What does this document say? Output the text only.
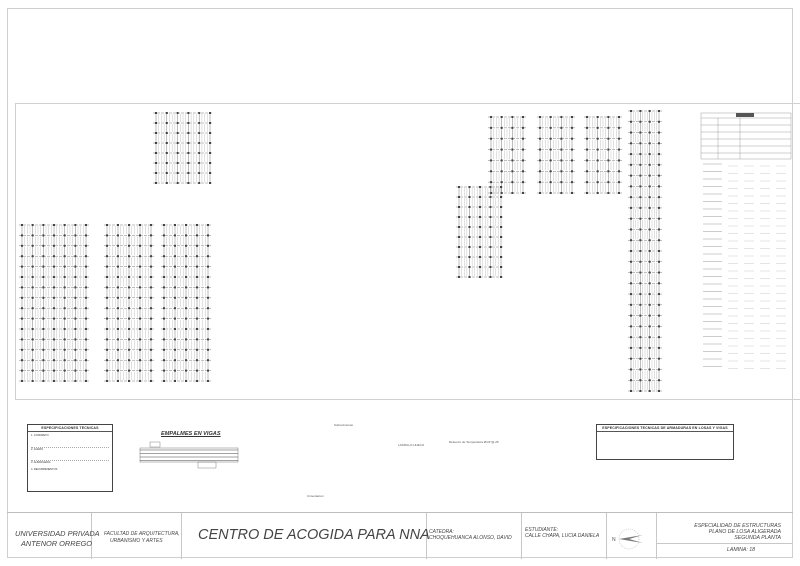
ESPECIFICACIONES TECNICAS
1. CONCRETO
2. ACERO
3. ALBAÑILERIA
4. RECUBRIMIENTOS
EMPALMES EN VIGAS
Sobrecimiento
Cimentacion
LADRILLO HUECO
Refuerzo de Temperatura Ø1/4"@.25
ESPECIFICACIONES TECNICAS DE ARMADURAS EN LOSAS Y VIGAS
UNIVERSIDAD PRIVADA
ANTENOR ORREGO
FACULTAD DE ARQUITECTURA,
URBANISMO Y ARTES CENTRO DE ACOGIDA PARA NNA CATEDRA:
CHOQUEHUANCA ALONSO, DAVID
ESTUDIANTE:
CALLE CHAPA, LUCIA DANIELA
N
ESPECIALIDAD DE ESTRUCTURAS
PLANO DE LOSA ALIGERADA
SEGUNDA PLANTA
LAMINA: 18
